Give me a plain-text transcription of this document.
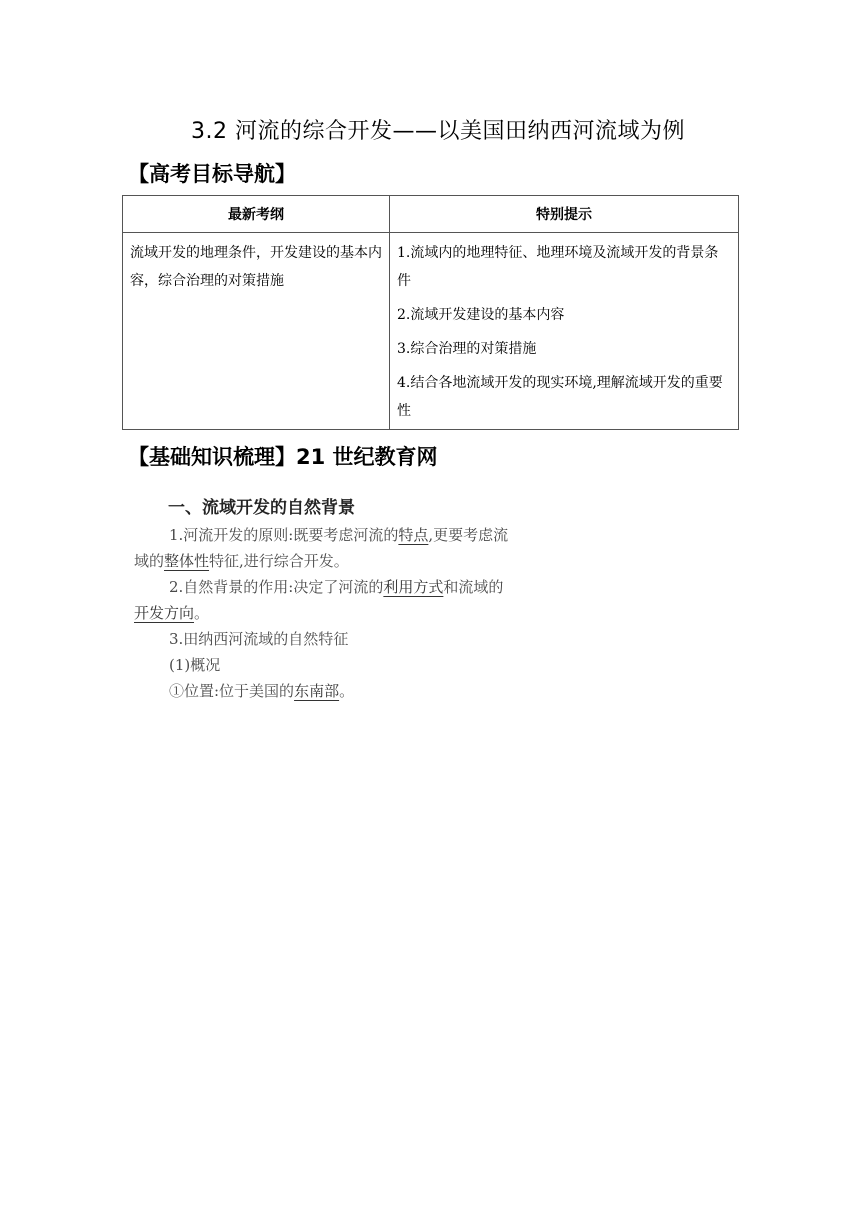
3.2 河流的综合开发——以美国田纳西河流域为例
【高考目标导航】
最新考纲	特别提示
流域开发的地理条件，开发建设的基本内容，综合治理的对策措施	1.流域内的地理特征、地理环境及流域开发的背景条件
2.流域开发建设的基本内容
3.综合治理的对策措施
4.结合各地流域开发的现实环境,理解流域开发的重要性
【基础知识梳理】21 世纪教育网
一、流域开发的自然背景
1.河流开发的原则:既要考虑河流的特点,更要考虑流
域的整体性特征,进行综合开发。
2.自然背景的作用:决定了河流的利用方式和流域的
开发方向。
3.田纳西河流域的自然特征
(1)概况
①位置:位于美国的东南部。
